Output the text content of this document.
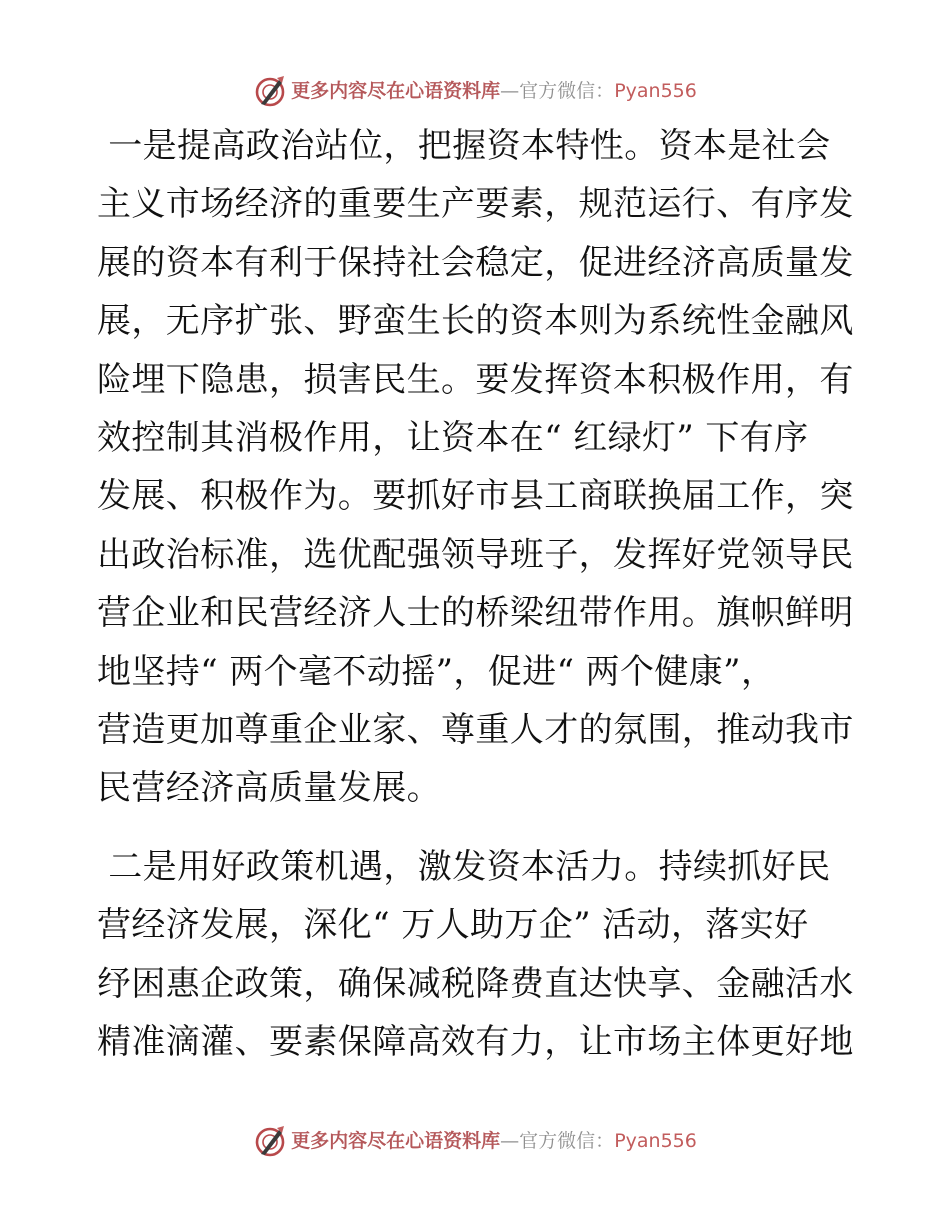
更多内容尽在心语资料库 — 官方微信： Pyan556

一是提高政治站位，把握资本特性。资本是社会

主义市场经济的重要生产要素，规范运行、有序发

展的资本有利于保持社会稳定，促进经济高质量发

展，无序扩张、野蛮生长的资本则为系统性金融风

险埋下隐患，损害民生。要发挥资本积极作用，有

效控制其消极作用，让资本在“ 红绿灯” 下有序

发展、积极作为。要抓好市县工商联换届工作，突

出政治标准，选优配强领导班子，发挥好党领导民

营企业和民营经济人士的桥梁纽带作用。旗帜鲜明

地坚持“ 两个毫不动摇”，促进“ 两个健康”，

营造更加尊重企业家、尊重人才的氛围，推动我市

民营经济高质量发展。

二是用好政策机遇，激发资本活力。持续抓好民

营经济发展，深化“ 万人助万企” 活动，落实好

纾困惠企政策，确保减税降费直达快享、金融活水

精准滴灌、要素保障高效有力，让市场主体更好地

更多内容尽在心语资料库 — 官方微信： Pyan556
